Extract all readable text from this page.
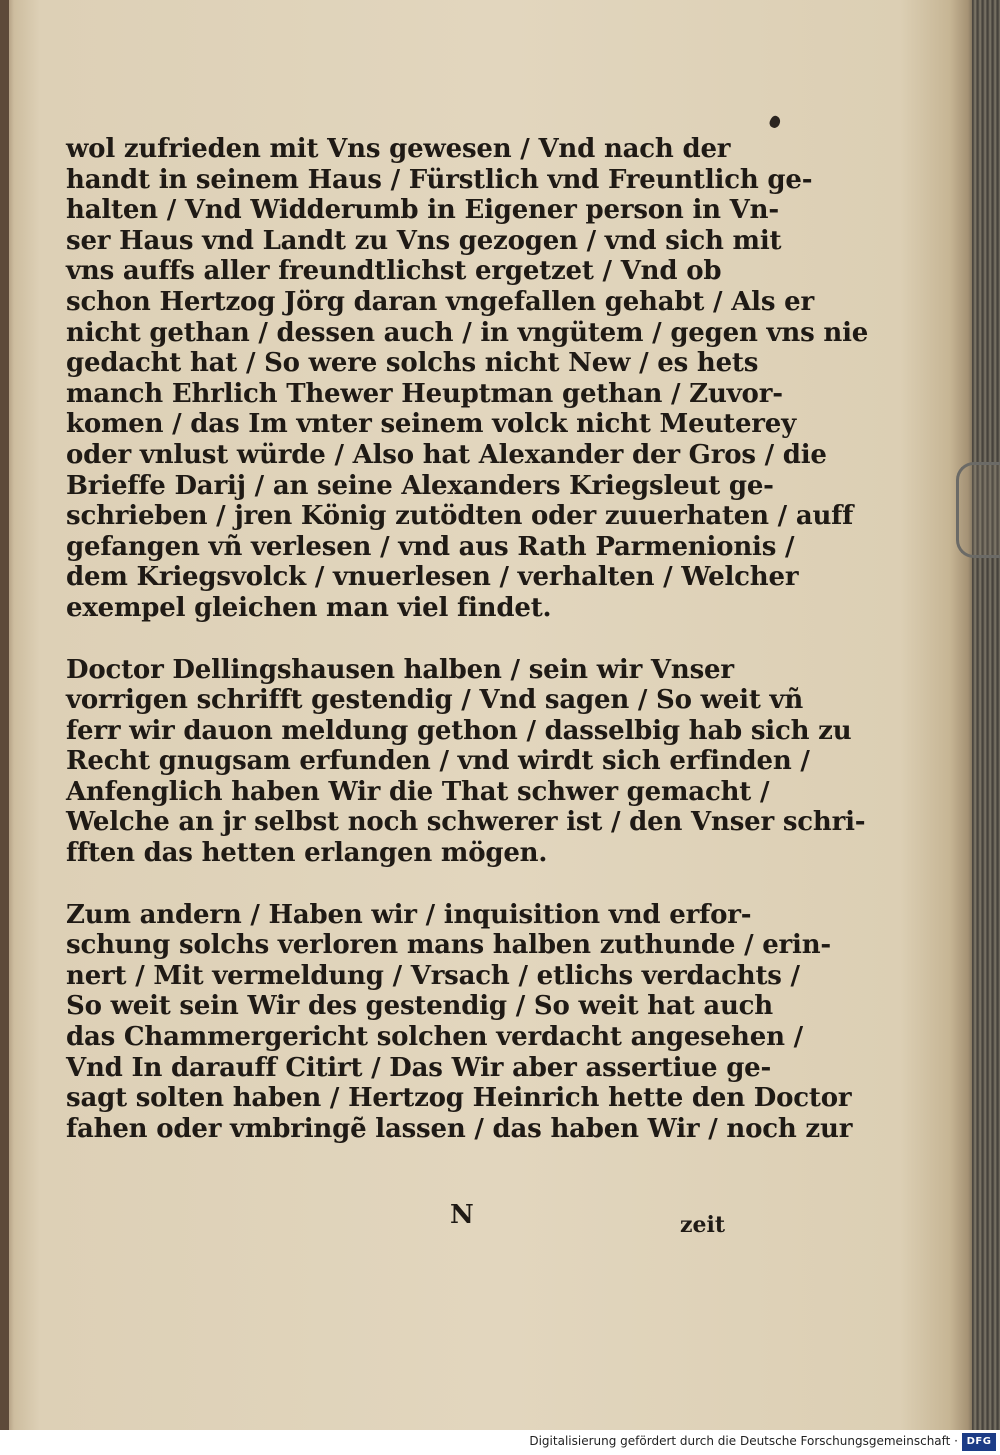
wol zufrieden mit Vns gewesen / Vnd nach der
handt in seinem Haus / Fürstlich vnd Freuntlich ge-
halten / Vnd Widderumb in Eigener person in Vn-
ser Haus vnd Landt zu Vns gezogen / vnd sich mit
vns auffs aller freundtlichst ergetzet / Vnd ob
schon Hertzog Jörg daran vngefallen gehabt / Als er
nicht gethan / dessen auch / in vngütem / gegen vns nie
gedacht hat / So were solchs nicht New / es hets
manch Ehrlich Thewer Heuptman gethan / Zuvor-
komen / das Im vnter seinem volck nicht Meuterey
oder vnlust würde / Also hat Alexander der Gros / die
Brieffe Darij / an seine Alexanders Kriegsleut ge-
schrieben / jren König zutödten oder zuuerhaten / auff
gefangen vñ verlesen / vnd aus Rath Parmenionis /
dem Kriegsvolck / vnuerlesen / verhalten / Welcher
exempel gleichen man viel findet.
Doctor Dellingshausen halben / sein wir Vnser
vorrigen schrifft gestendig / Vnd sagen / So weit vñ
ferr wir dauon meldung gethon / dasselbig hab sich zu
Recht gnugsam erfunden / vnd wirdt sich erfinden /
Anfenglich haben Wir die That schwer gemacht /
Welche an jr selbst noch schwerer ist / den Vnser schri-
fften das hetten erlangen mögen.
Zum andern / Haben wir / inquisition vnd erfor-
schung solchs verloren mans halben zuthunde / erin-
nert / Mit vermeldung / Vrsach / etlichs verdachts /
So weit sein Wir des gestendig / So weit hat auch
das Chammergericht solchen verdacht angesehen /
Vnd In darauff Citirt / Das Wir aber assertiue ge-
sagt solten haben / Hertzog Heinrich hette den Doctor
fahen oder vmbringẽ lassen / das haben Wir / noch zur
N	zeit
Digitalisierung gefördert durch die Deutsche Forschungsgemeinschaft · DFG
